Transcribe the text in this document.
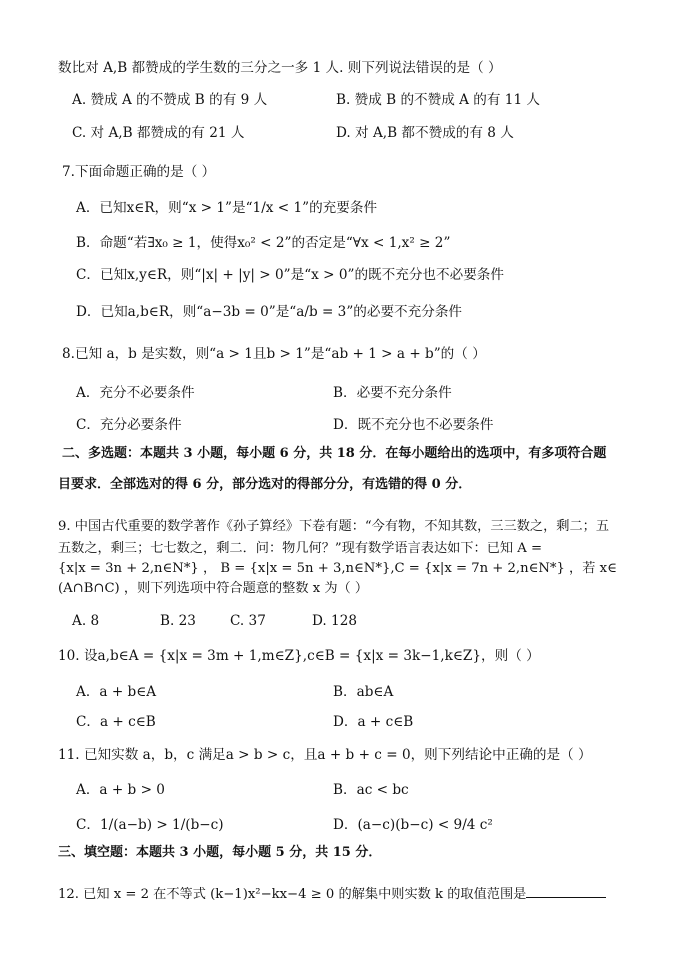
数比对 A,B 都赞成的学生数的三分之一多 1 人. 则下列说法错误的是（ ）
A. 赞成 A 的不赞成 B 的有 9 人	B. 赞成 B 的不赞成 A 的有 11 人
C. 对 A,B 都赞成的有 21 人	D. 对 A,B 都不赞成的有 8 人
7.下面命题正确的是（ ）
A．已知x∈R，则“x > 1”是“1/x < 1”的充要条件
B．命题“若∃x₀ ≥ 1，使得x₀² < 2”的否定是“∀x < 1,x² ≥ 2”
C．已知x,y∈R，则“|x| + |y| > 0”是“x > 0”的既不充分也不必要条件
D．已知a,b∈R，则“a−3b = 0”是“a/b = 3”的必要不充分条件
8.已知 a，b 是实数，则“a > 1且b > 1”是“ab + 1 > a + b”的（ ）
A．充分不必要条件	B．必要不充分条件
C．充分必要条件	D．既不充分也不必要条件
二、多选题：本题共 3 小题，每小题 6 分，共 18 分．在每小题给出的选项中，有多项符合题
目要求．全部选对的得 6 分，部分选对的得部分分，有选错的得 0 分．
9. 中国古代重要的数学著作《孙子算经》下卷有题：“今有物，不知其数，三三数之，剩二；五
五数之，剩三；七七数之，剩二．问：物几何？”现有数学语言表达如下：已知 A =
{x|x = 3n + 2,n∈N*} ， B = {x|x = 5n + 3,n∈N*},C = {x|x = 7n + 2,n∈N*} ，若 x∈
(A∩B∩C) ，则下列选项中符合题意的整数 x 为（ ）
A. 8	B. 23	C. 37	D. 128
10. 设a,b∈A = {x|x = 3m + 1,m∈Z},c∈B = {x|x = 3k−1,k∈Z}，则（ ）
A．a + b∈A	B．ab∈A
C．a + c∈B	D．a + c∈B
11. 已知实数 a，b，c 满足a > b > c，且a + b + c = 0，则下列结论中正确的是（ ）
A．a + b > 0	B．ac < bc
C．1/(a−b) > 1/(b−c)	D．(a−c)(b−c) < 9/4 c²
三、填空题：本题共 3 小题，每小题 5 分，共 15 分．
12. 已知 x = 2 在不等式 (k−1)x²−kx−4 ≥ 0 的解集中则实数 k 的取值范围是
